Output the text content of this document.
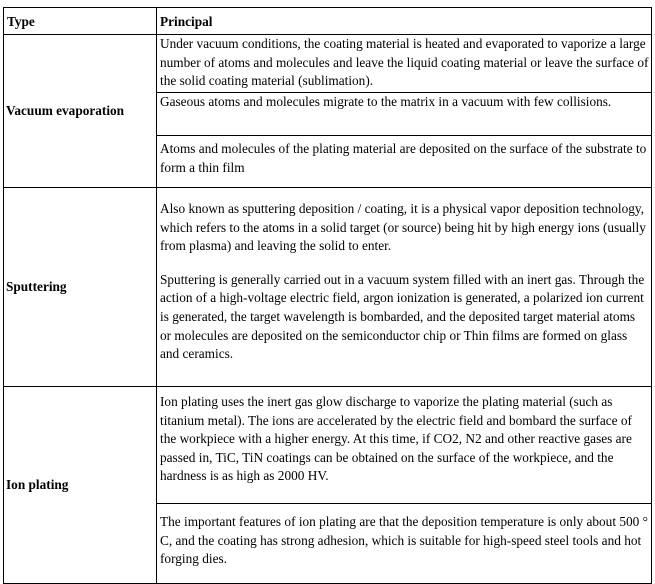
Type	Principal
Vacuum evaporation	Under vacuum conditions, the coating material is heated and evaporated to vaporize a large number of atoms and molecules and leave the liquid coating material or leave the surface of the solid coating material (sublimation).

	Gaseous atoms and molecules migrate to the matrix in a vacuum with few collisions.

	Atoms and molecules of the plating material are deposited on the surface of the substrate to form a thin film

Sputtering	Also known as sputtering deposition / coating, it is a physical vapor deposition technology, which refers to the atoms in a solid target (or source) being hit by high energy ions (usually from plasma) and leaving the solid to enter.
Sputtering is generally carried out in a vacuum system filled with an inert gas. Through the action of a high-voltage electric field, argon ionization is generated, a polarized ion current is generated, the target wavelength is bombarded, and the deposited target material atoms or molecules are deposited on the semiconductor chip or Thin films are formed on glass and ceramics.

Ion plating	Ion plating uses the inert gas glow discharge to vaporize the plating material (such as titanium metal). The ions are accelerated by the electric field and bombard the surface of the workpiece with a higher energy. At this time, if CO2, N2 and other reactive gases are passed in, TiC, TiN coatings can be obtained on the surface of the workpiece, and the hardness is as high as 2000 HV.

	The important features of ion plating are that the deposition temperature is only about 500 ° C, and the coating has strong adhesion, which is suitable for high-speed steel tools and hot forging dies.
